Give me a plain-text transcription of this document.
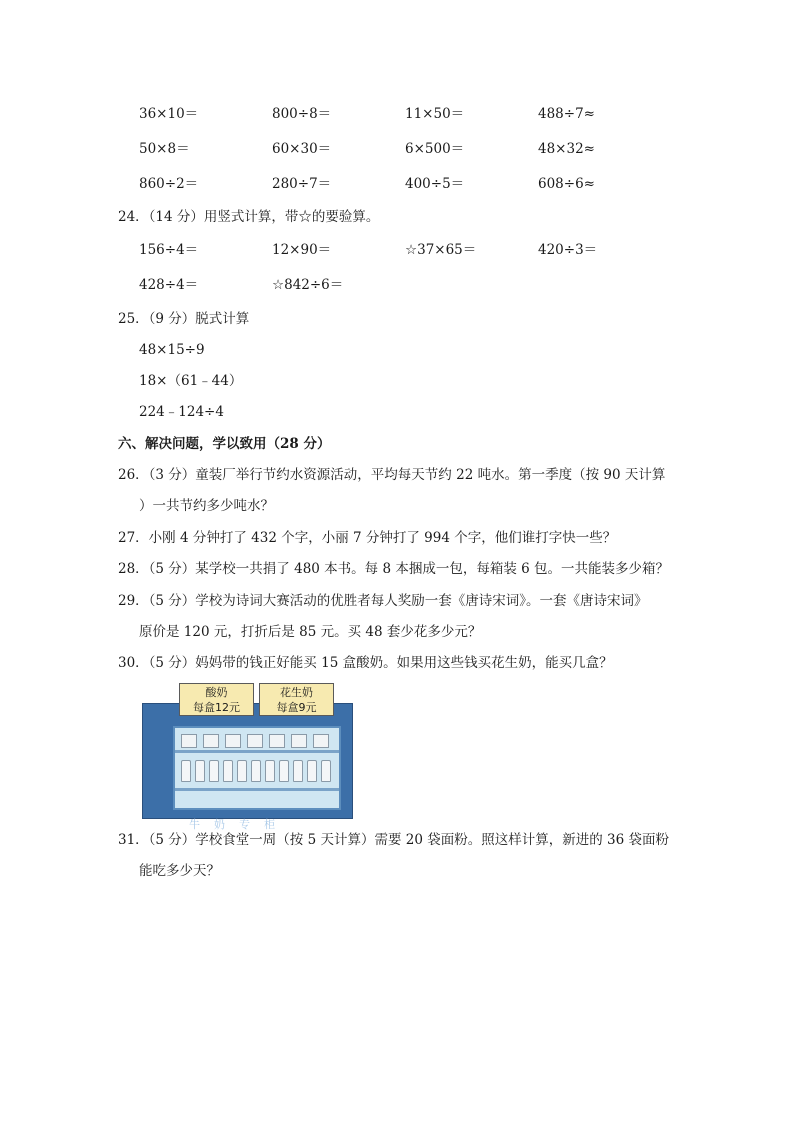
36×10＝	800÷8＝	11×50＝	488÷7≈
50×8＝	60×30＝	6×500＝	48×32≈
860÷2＝	280÷7＝	400÷5＝	608÷6≈
24．（14 分）用竖式计算，带☆的要验算。
156÷4＝	12×90＝	☆37×65＝	420÷3＝
428÷4＝	☆842÷6＝
25．（9 分）脱式计算
48×15÷9
18×（61﹣44）
224﹣124÷4
六、解决问题，学以致用（28 分）
26．（3 分）童装厂举行节约水资源活动，平均每天节约 22 吨水。第一季度（按 90 天计算
）一共节约多少吨水？
27．小刚 4 分钟打了 432 个字，小丽 7 分钟打了 994 个字，他们谁打字快一些？
28．（5 分）某学校一共捐了 480 本书。每 8 本捆成一包，每箱装 6 包。一共能装多少箱？
29．（5 分）学校为诗词大赛活动的优胜者每人奖励一套《唐诗宋词》。一套《唐诗宋词》
原价是 120 元，打折后是 85 元。买 48 套少花多少元？
30．（5 分）妈妈带的钱正好能买 15 盒酸奶。如果用这些钱买花生奶，能买几盒？
牛奶专柜
酸奶
每盒12元
花生奶
每盒9元
31．（5 分）学校食堂一周（按 5 天计算）需要 20 袋面粉。照这样计算，新进的 36 袋面粉
能吃多少天？
